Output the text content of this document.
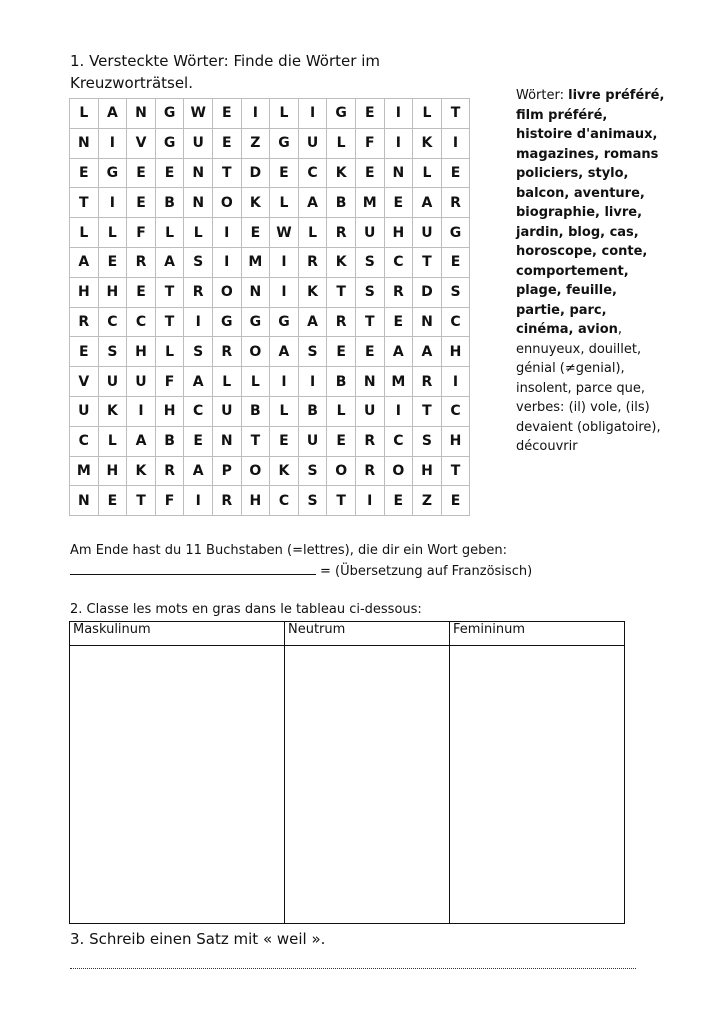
1. Versteckte Wörter: Finde die Wörter im Kreuzworträtsel.
L	A	N	G	W	E	I	L	I	G	E	I	L	T
N	I	V	G	U	E	Z	G	U	L	F	I	K	I
E	G	E	E	N	T	D	E	C	K	E	N	L	E
T	I	E	B	N	O	K	L	A	B	M	E	A	R
L	L	F	L	L	I	E	W	L	R	U	H	U	G
A	E	R	A	S	I	M	I	R	K	S	C	T	E
H	H	E	T	R	O	N	I	K	T	S	R	D	S
R	C	C	T	I	G	G	G	A	R	T	E	N	C
E	S	H	L	S	R	O	A	S	E	E	A	A	H
V	U	U	F	A	L	L	I	I	B	N	M	R	I
U	K	I	H	C	U	B	L	B	L	U	I	T	C
C	L	A	B	E	N	T	E	U	E	R	C	S	H
M	H	K	R	A	P	O	K	S	O	R	O	H	T
N	E	T	F	I	R	H	C	S	T	I	E	Z	E
Wörter: livre préféré, film préféré, histoire d'animaux, magazines, romans policiers, stylo, balcon, aventure, biographie, livre, jardin, blog, cas, horoscope, conte, comportement, plage, feuille, partie, parc, cinéma, avion, ennuyeux, douillet, génial (≠genial), insolent, parce que, verbes: (il) vole, (ils) devaient (obligatoire), découvrir
Am Ende hast du 11 Buchstaben (=lettres), die dir ein Wort geben:
= (Übersetzung auf Französisch)
2. Classe les mots en gras dans le tableau ci-dessous:
Maskulinum	Neutrum	Femininum

3. Schreib einen Satz mit « weil ».
